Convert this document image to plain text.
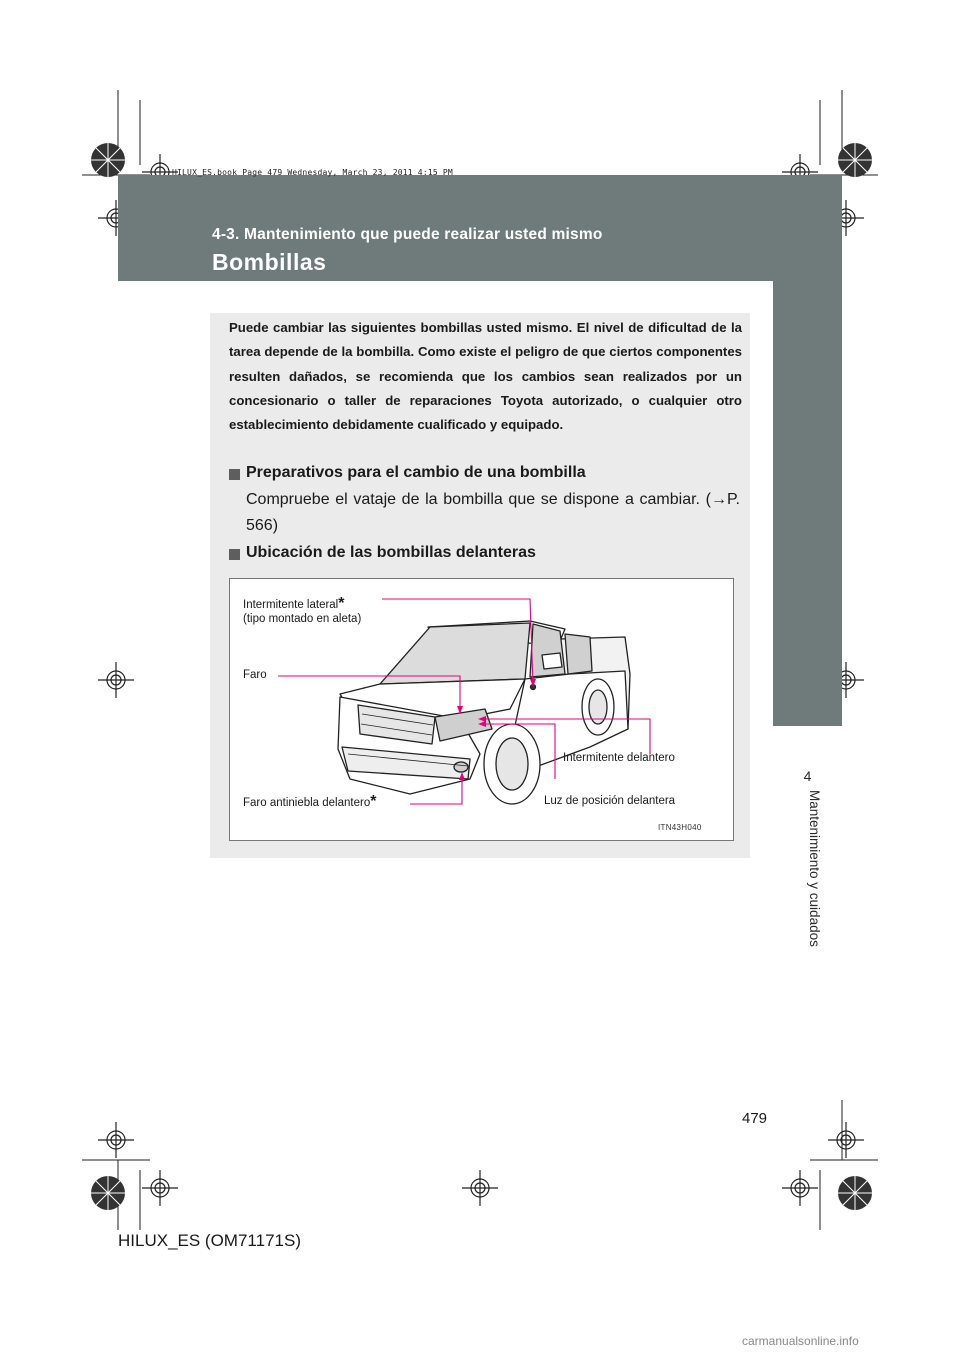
HILUX_ES.book Page 479 Wednesday, March 23, 2011 4:15 PM
4-3. Mantenimiento que puede realizar usted mismo
Bombillas
4
Mantenimiento y cuidados
Puede cambiar las siguientes bombillas usted mismo. El nivel de dificultad de la tarea depende de la bombilla. Como existe el peligro de que ciertos componentes resulten dañados, se recomienda que los cambios sean realizados por un concesionario o taller de reparaciones Toyota autorizado, o cualquier otro establecimiento debidamente cualificado y equipado.
Preparativos para el cambio de una bombilla
Compruebe el vataje de la bombilla que se dispone a cambiar. (→P. 566)
Ubicación de las bombillas delanteras
Intermitente lateral*
(tipo montado en aleta)
Faro
Intermitente delantero
Faro antiniebla delantero*	Luz de posición delantera
ITN43H040
479
HILUX_ES (OM71171S)
carmanualsonline.info
